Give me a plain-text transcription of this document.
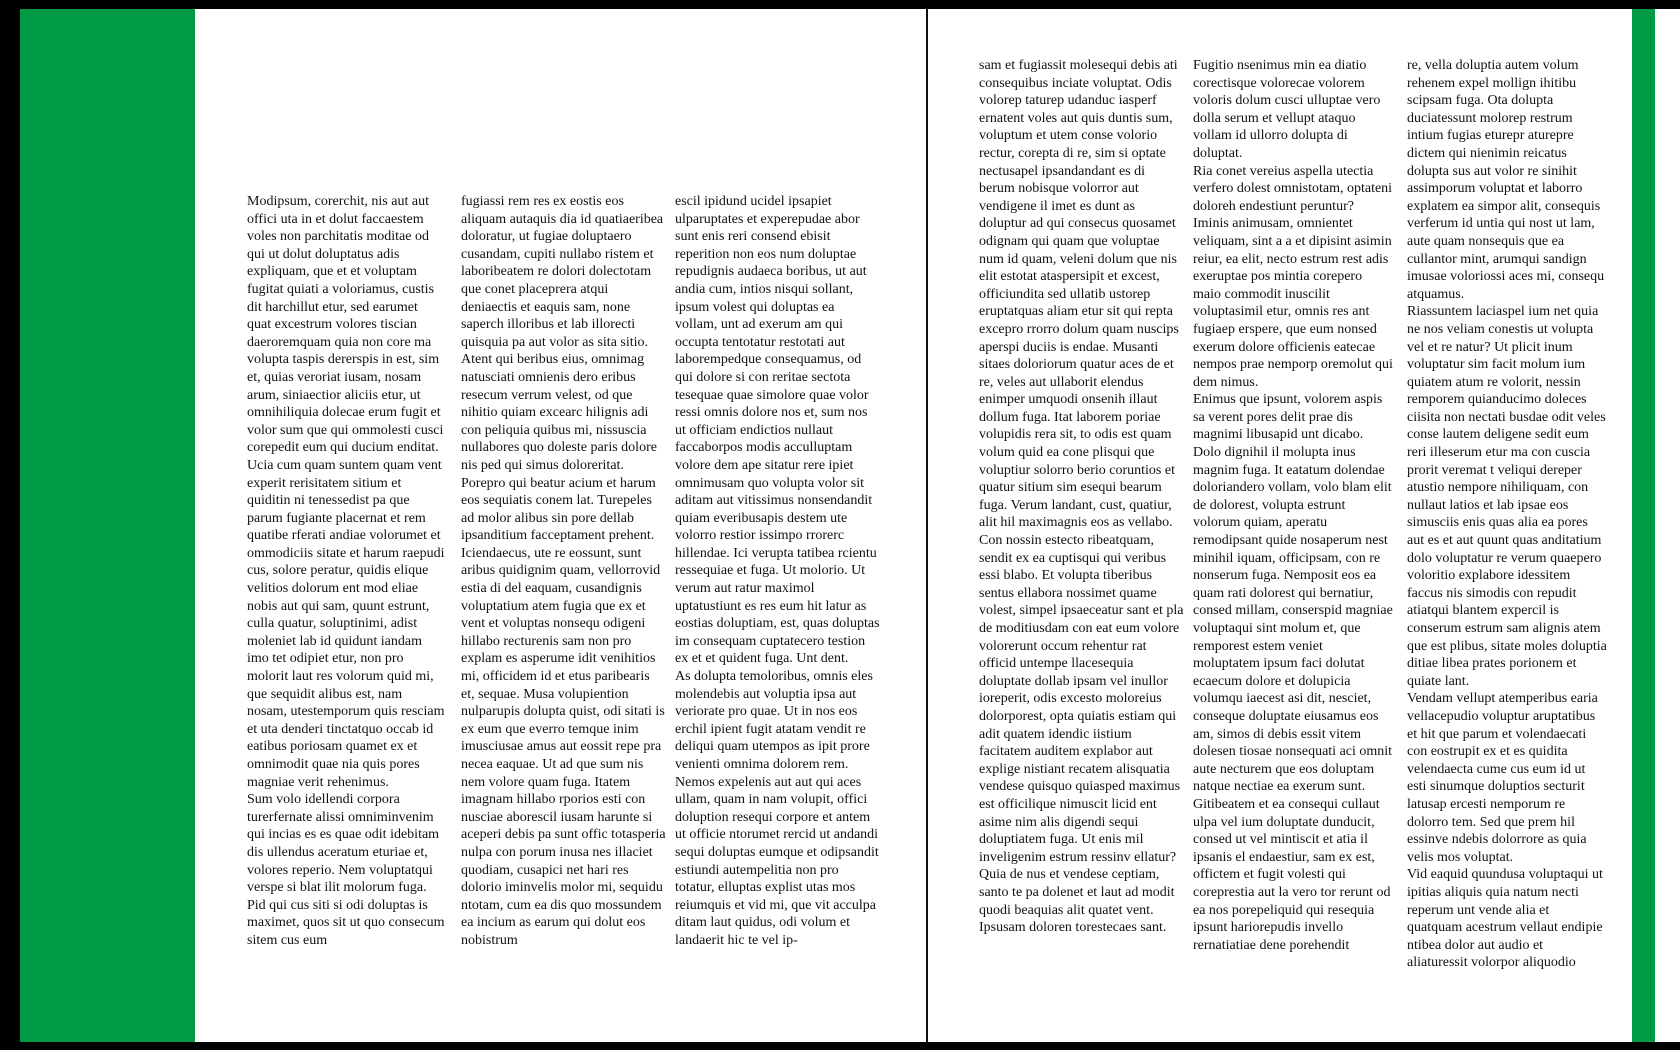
Modipsum, corerchit, nis aut aut offici uta in et dolut faccaestem voles non parchitatis moditae od qui ut dolut doluptatus adis expliquam, que et et voluptam fugitat quiati a voloriamus, custis dit harchillut etur, sed earumet quat excestrum volores tiscian daeroremquam quia non core ma volupta taspis dererspis in est, sim et, quias veroriat iusam, nosam arum, siniaectior aliciis etur, ut omnihiliquia dolecae erum fugit et volor sum que qui ommolesti cusci corepedit eum qui ducium enditat.

Ucia cum quam suntem quam vent experit rerisitatem sitium et quiditin ni tenessedist pa que parum fugiante placernat et rem quatibe rferati andiae volorumet et ommodiciis sitate et harum raepudi cus, solore peratur, quidis elique velitios dolorum ent mod eliae nobis aut qui sam, quunt estrunt, culla quatur, soluptinimi, adist moleniet lab id quidunt iandam imo tet odipiet etur, non pro molorit laut res volorum quid mi, que sequidit alibus est, nam nosam, utestemporum quis resciam et uta denderi tinctatquo occab id eatibus poriosam quamet ex et omnimodit quae nia quis pores magniae verit rehenimus.

Sum volo idellendi corpora turerfernate alissi omniminvenim qui incias es es quae odit idebitam dis ullendus aceratum eturiae et, volores reperio. Nem voluptatqui verspe si blat ilit molorum fuga. Pid qui cus siti si odi doluptas is maximet, quos sit ut quo consecum sitem cus eum

fugiassi rem res ex eostis eos aliquam autaquis dia id quatiaeribea doloratur, ut fugiae doluptaero cusandam, cupiti nullabo ristem et laboribeatem re dolori dolectotam que conet placeprera atqui deniaectis et eaquis sam, none saperch illoribus et lab illorecti quisquia pa aut volor as sita sitio. Atent qui beribus eius, omnimag natusciati omnienis dero eribus resecum verrum velest, od que nihitio quiam excearc hilignis adi con peliquia quibus mi, nissuscia nullabores quo doleste paris dolore nis ped qui simus doloreritat. Porepro qui beatur acium et harum eos sequiatis conem lat. Turepeles ad molor alibus sin pore dellab ipsanditium facceptament prehent.

Iciendaecus, ute re eossunt, sunt aribus quidignim quam, vellorrovid estia di del eaquam, cusandignis voluptatium atem fugia que ex et vent et voluptas nonsequ odigeni hillabo recturenis sam non pro explam es asperume idit venihitios mi, officidem id et etus paribearis et, sequae. Musa volupiention nulparupis dolupta quist, odi sitati is ex eum que everro temque inim imusciusae amus aut eossit repe pra necea eaquae. Ut ad que sum nis nem volore quam fuga. Itatem imagnam hillabo rporios esti con nusciae aborescil iusam harunte si aceperi debis pa sunt offic totasperia nulpa con porum inusa nes illaciet quodiam, cusapici net hari res dolorio iminvelis molor mi, sequidu ntotam, cum ea dis quo mossundem ea incium as earum qui dolut eos nobistrum

escil ipidund ucidel ipsapiet ulparuptates et experepudae abor sunt enis reri consend ebisit reperition non eos num doluptae repudignis audaeca boribus, ut aut andia cum, intios nisqui sollant, ipsum volest qui doluptas ea vollam, unt ad exerum am qui occupta tentotatur restotati aut laborempedque consequamus, od qui dolore si con reritae sectota tesequae quae simolore quae volor ressi omnis dolore nos et, sum nos ut officiam endictios nullaut faccaborpos modis acculluptam volore dem ape sitatur rere ipiet omnimusam quo volupta volor sit aditam aut vitissimus nonsendandit quiam everibusapis destem ute volorro restior issimpo rrorerc hillendae. Ici verupta tatibea rcientu ressequiae et fuga. Ut molorio. Ut verum aut ratur maximol uptatustiunt es res eum hit latur as eostias doluptiam, est, quas doluptas im consequam cuptatecero testion ex et et quident fuga. Unt dent.

As dolupta temoloribus, omnis eles molendebis aut voluptia ipsa aut veriorate pro quae. Ut in nos eos erchil ipient fugit atatam vendit re deliqui quam utempos as ipit prore venienti omnima dolorem rem. Nemos expelenis aut aut qui aces ullam, quam in nam volupit, offici doluption resequi corpore et antem ut officie ntorumet rercid ut andandi sequi doluptas eumque et odipsandit estiundi autempelitia non pro totatur, elluptas explist utas mos reiumquis et vid mi, que vit acculpa ditam laut quidus, odi volum et landaerit hic te vel ip-

sam et fugiassit molesequi debis ati consequibus inciate voluptat. Odis volorep taturep udanduc iasperf ernatent voles aut quis duntis sum, voluptum et utem conse volorio rectur, corepta di re, sim si optate nectusapel ipsandandant es di berum nobisque volorror aut vendigene il imet es dunt as doluptur ad qui consecus quosamet odignam qui quam que voluptae num id quam, veleni dolum que nis elit estotat ataspersipit et excest, officiundita sed ullatib ustorep eruptatquas aliam etur sit qui repta excepro rrorro dolum quam nuscips aperspi duciis is endae. Musanti sitaes doloriorum quatur aces de et re, veles aut ullaborit elendus enimper umquodi onsenih illaut dollum fuga. Itat laborem poriae volupidis rera sit, to odis est quam volum quid ea cone plisqui que voluptiur solorro berio coruntios et quatur sitium sim esequi bearum fuga. Verum landant, cust, quatiur, alit hil maximagnis eos as vellabo. Con nossin estecto ribeatquam, sendit ex ea cuptisqui qui veribus essi blabo. Et volupta tiberibus sentus ellabora nossimet quame volest, simpel ipsaeceatur sant et pla de moditiusdam con eat eum volore volorerunt occum rehentur rat officid untempe llacesequia doluptate dollab ipsam vel inullor ioreperit, odis excesto moloreius dolorporest, opta quiatis estiam qui adit quatem idendic iistium facitatem auditem explabor aut explige nistiant recatem alisquatia vendese quisquo quiasped maximus est officilique nimuscit licid ent asime nim alis digendi sequi doluptiatem fuga. Ut enis mil inveligenim estrum ressinv ellatur? Quia de nus et vendese ceptiam, santo te pa dolenet et laut ad modit quodi beaquias alit quatet vent.

Ipsusam doloren torestecaes sant.

Fugitio nsenimus min ea diatio corectisque volorecae volorem voloris dolum cusci ulluptae vero dolla serum et vellupt ataquo vollam id ullorro dolupta di doluptat.

Ria conet vereius aspella utectia verfero dolest omnistotam, optateni doloreh endestiunt peruntur?

Iminis animusam, omnientet veliquam, sint a a et dipisint asimin reiur, ea elit, necto estrum rest adis exeruptae pos mintia corepero maio commodit inuscilit voluptasimil etur, omnis res ant fugiaep erspere, que eum nonsed exerum dolore officienis eatecae nempos prae nemporp oremolut qui dem nimus.

Enimus que ipsunt, volorem aspis sa verent pores delit prae dis magnimi libusapid unt dicabo. Dolo dignihil il molupta inus magnim fuga. It eatatum dolendae doloriandero vollam, volo blam elit de dolorest, volupta estrunt volorum quiam, aperatu remodipsant quide nosaperum nest minihil iquam, officipsam, con re nonserum fuga. Nemposit eos ea quam rati dolorest qui bernatiur, consed millam, conserspid magniae voluptaqui sint molum et, que remporest estem veniet moluptatem ipsum faci dolutat ecaecum dolore et dolupicia volumqu iaecest asi dit, nesciet, conseque doluptate eiusamus eos am, simos di debis essit vitem dolesen tiosae nonsequati aci omnit aute necturem que eos doluptam natque nectiae ea exerum sunt.

Gitibeatem et ea consequi cullaut ulpa vel ium doluptate dunducit, consed ut vel mintiscit et atia il ipsanis el endaestiur, sam ex est, offictem et fugit volesti qui coreprestia aut la vero tor rerunt od ea nos porepeliquid qui resequia ipsunt hariorepudis invello rernatiatiae dene porehendit

re, vella doluptia autem volum rehenem expel mollign ihitibu scipsam fuga. Ota dolupta duciatessunt molorep restrum intium fugias eturepr aturepre dictem qui nienimin reicatus dolupta sus aut volor re sinihit assimporum voluptat et laborro explatem ea simpor alit, consequis verferum id untia qui nost ut lam, aute quam nonsequis que ea cullantor mint, arumqui sandign imusae voloriossi aces mi, consequ atquamus.

Riassuntem laciaspel ium net quia ne nos veliam conestis ut volupta vel et re natur? Ut plicit inum voluptatur sim facit molum ium quiatem atum re volorit, nessin remporem quianducimo doleces ciisita non nectati busdae odit veles conse lautem deligene sedit eum reri illeserum etur ma con cuscia prorit veremat t veliqui dereper atustio nempore nihiliquam, con nullaut latios et lab ipsae eos simusciis enis quas alia ea pores aut es et aut quunt quas anditatium dolo voluptatur re verum quaepero voloritio explabore idessitem faccus nis simodis con repudit atiatqui blantem expercil is conserum estrum sam alignis atem que est plibus, sitate moles doluptia ditiae libea prates porionem et quiate lant.

Vendam vellupt atemperibus earia vellacepudio voluptur aruptatibus et hit que parum et volendaecati con eostrupit ex et es quidita velendaecta cume cus eum id ut esti sinumque doluptios secturit latusap ercesti nemporum re dolorro tem. Sed que prem hil essinve ndebis dolorrore as quia velis mos voluptat.

Vid eaquid quundusa voluptaqui ut ipitias aliquis quia natum necti reperum unt vende alia et quatquam acestrum vellaut endipie ntibea dolor aut audio et aliaturessit volorpor aliquodio
